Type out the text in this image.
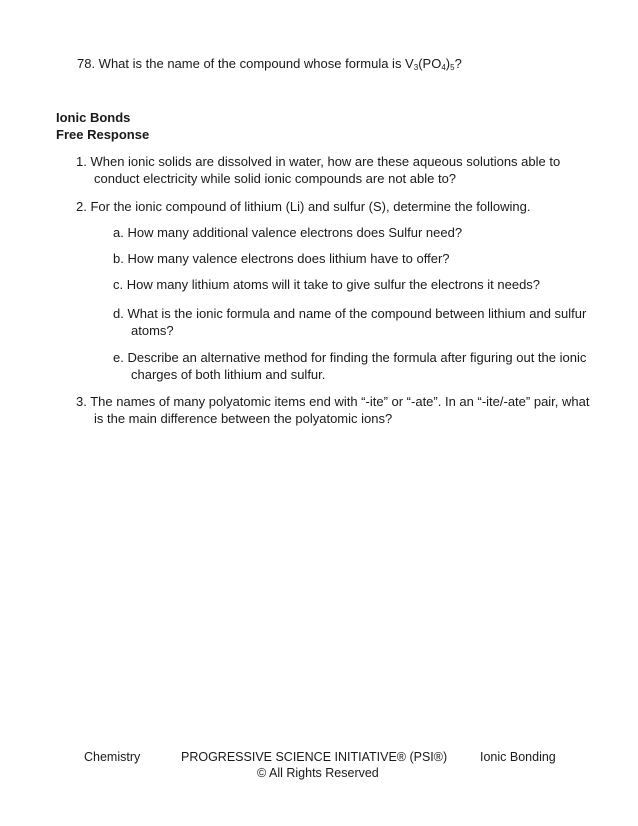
78. What is the name of the compound whose formula is $V_3(PO_4)_5$?
Ionic Bonds
Free Response
1. When ionic solids are dissolved in water, how are these aqueous solutions able to
conduct electricity while solid ionic compounds are not able to?
2. For the ionic compound of lithium (Li) and sulfur (S), determine the following.
a. How many additional valence electrons does Sulfur need?
b. How many valence electrons does lithium have to offer?
c. How many lithium atoms will it take to give sulfur the electrons it needs?
d. What is the ionic formula and name of the compound between lithium and sulfur
atoms?
e. Describe an alternative method for finding the formula after figuring out the ionic
charges of both lithium and sulfur.
3. The names of many polyatomic items end with “-ite” or “-ate”. In an “-ite/-ate” pair, what
is the main difference between the polyatomic ions?
Chemistry	PROGRESSIVE SCIENCE INITIATIVE® (PSI®)	Ionic Bonding
© All Rights Reserved
